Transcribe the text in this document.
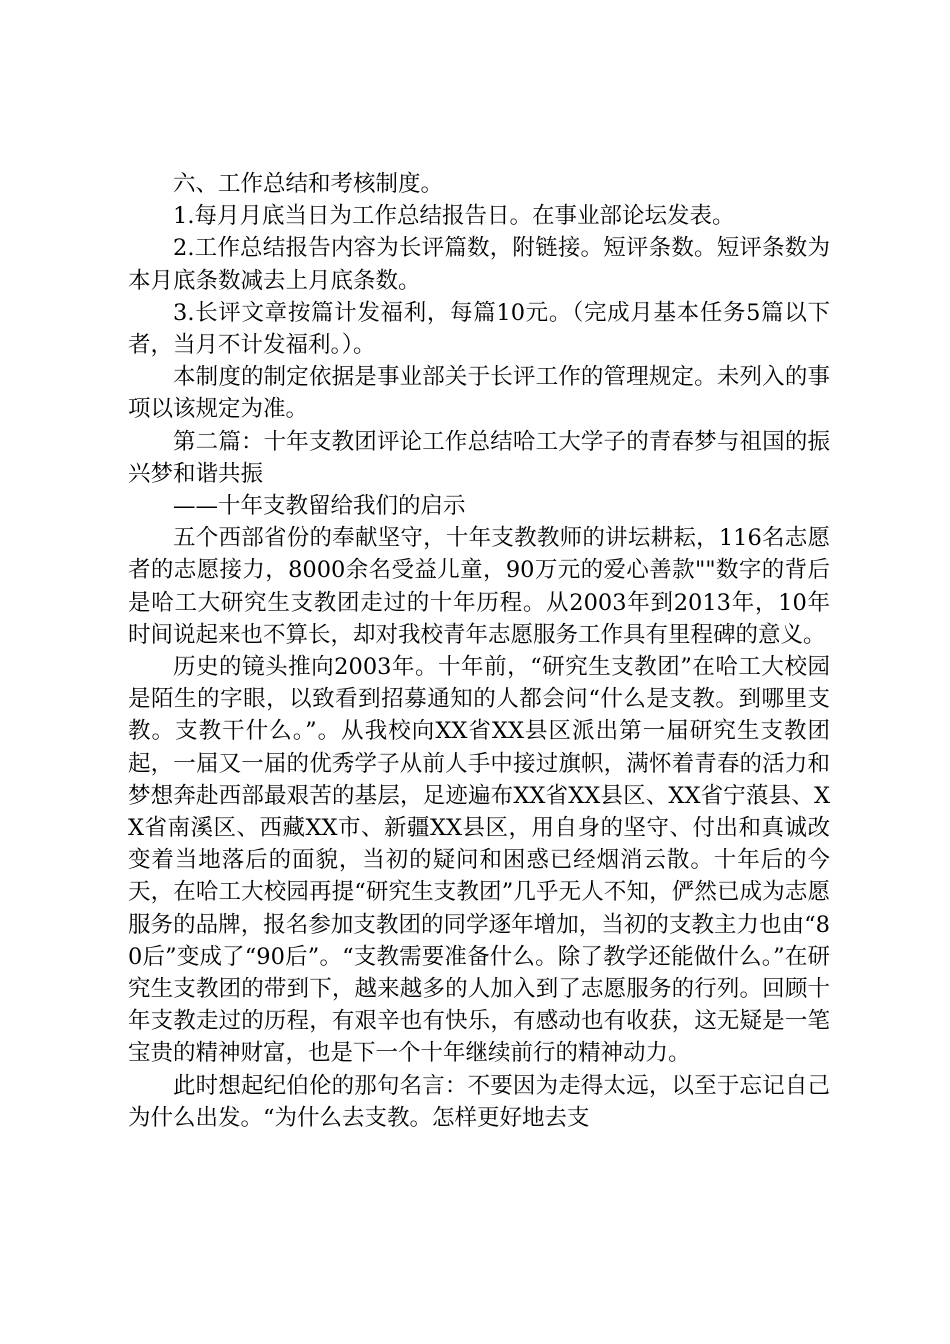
六、工作总结和考核制度。

1.每月月底当日为工作总结报告日。在事业部论坛发表。

2.工作总结报告内容为长评篇数，附链接。短评条数。短评条数为本月底条数减去上月底条数。

3.长评文章按篇计发福利，每篇10元。（完成月基本任务5篇以下者，当月不计发福利。）。

本制度的制定依据是事业部关于长评工作的管理规定。未列入的事项以该规定为准。

第二篇：十年支教团评论工作总结哈工大学子的青春梦与祖国的振兴梦和谐共振

——十年支教留给我们的启示

五个西部省份的奉献坚守，十年支教教师的讲坛耕耘，116名志愿者的志愿接力，8000余名受益儿童，90万元的爱心善款""数字的背后是哈工大研究生支教团走过的十年历程。从2003年到2013年，10年时间说起来也不算长，却对我校青年志愿服务工作具有里程碑的意义。

历史的镜头推向2003年。十年前，“研究生支教团”在哈工大校园是陌生的字眼，以致看到招募通知的人都会问“什么是支教。到哪里支教。支教干什么。”。从我校向XX省XX县区派出第一届研究生支教团起，一届又一届的优秀学子从前人手中接过旗帜，满怀着青春的活力和梦想奔赴西部最艰苦的基层，足迹遍布XX省XX县区、XX省宁蒗县、XX省南溪区、西藏XX市、新疆XX县区，用自身的坚守、付出和真诚改变着当地落后的面貌，当初的疑问和困惑已经烟消云散。十年后的今天，在哈工大校园再提“研究生支教团”几乎无人不知，俨然已成为志愿服务的品牌，报名参加支教团的同学逐年增加，当初的支教主力也由“80后”变成了“90后”。“支教需要准备什么。除了教学还能做什么。”在研究生支教团的带到下，越来越多的人加入到了志愿服务的行列。回顾十年支教走过的历程，有艰辛也有快乐，有感动也有收获，这无疑是一笔宝贵的精神财富，也是下一个十年继续前行的精神动力。

此时想起纪伯伦的那句名言：不要因为走得太远，以至于忘记自己为什么出发。“为什么去支教。怎样更好地去支
